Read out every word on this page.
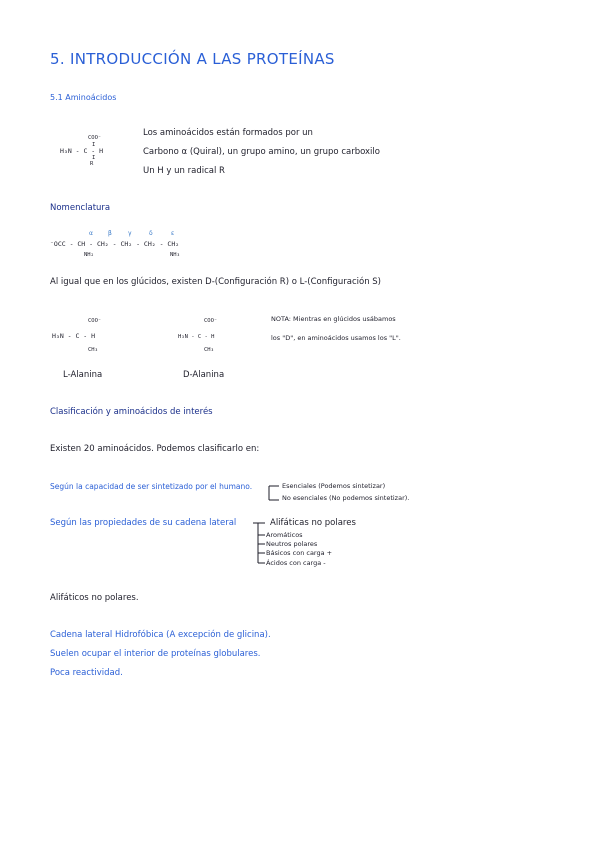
5. INTRODUCCIÓN A LAS PROTEÍNAS
5.1 Aminoácidos
COO⁻
I
H₃N - C - H
I
R
Los aminoácidos están formados por un
Carbono α (Quiral), un grupo amino, un grupo carboxilo
Un H y un radical R
Nomenclatura
α	β	γ	δ	ε
⁻OCC - CH - CH₂ - CH₂ - CH₂ - CH₂
NH₂	NH₃
Al igual que en los glúcidos, existen D-(Configuración R) o L-(Configuración S)
COO⁻
H₃N - C - H
CH₃
L-Alanina
COO⁻
H₃N - C - H
CH₃
D-Alanina
NOTA: Mientras en glúcidos usábamos
los "D", en aminoácidos usamos los "L".
Clasificación y aminoácidos de interés
Existen 20 aminoácidos. Podemos clasificarlo en:
Según la capacidad de ser sintetizado por el humano.	Esenciales (Podemos sintetizar)
No esenciales (No podemos sintetizar).
Según las propiedades de su cadena lateral	Alifáticas no polares
Aromáticos
Neutros polares
Básicos con carga +
Ácidos con carga -
Alifáticos no polares.
Cadena lateral Hidrofóbica (A excepción de glicina).
Suelen ocupar el interior de proteínas globulares.
Poca reactividad.
